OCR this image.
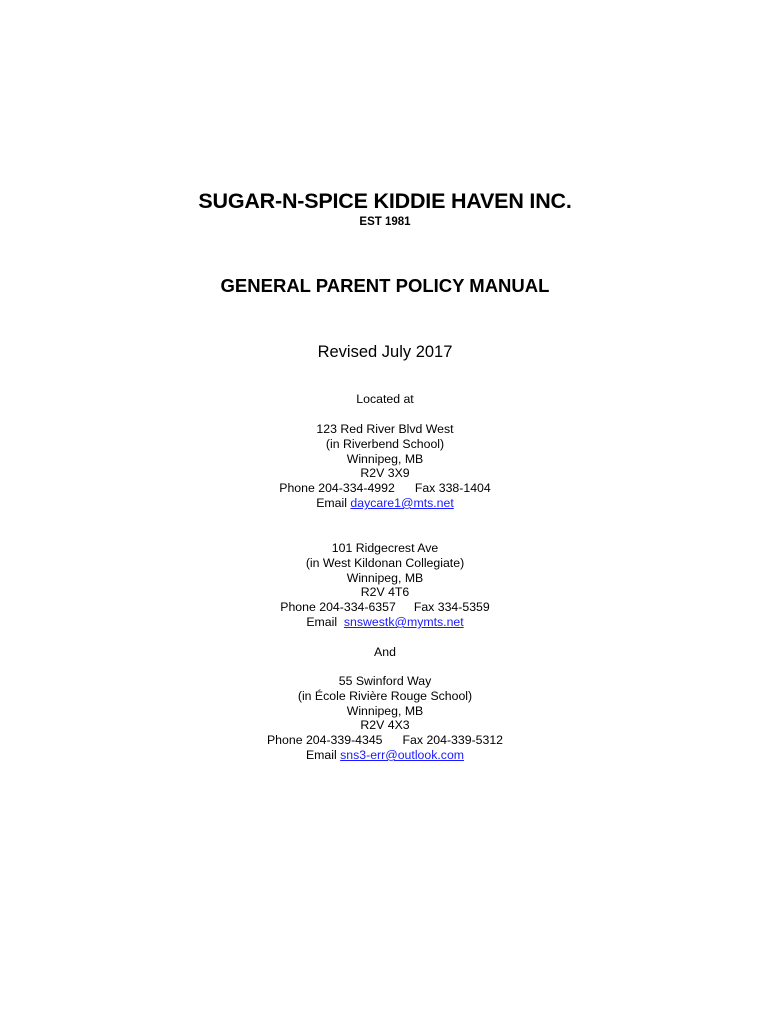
SUGAR-N-SPICE KIDDIE HAVEN INC.
EST 1981
GENERAL PARENT POLICY MANUAL
Revised July 2017
Located at
123 Red River Blvd West
(in Riverbend School)
Winnipeg, MB
R2V 3X9
Phone 204-334-4992 Fax 338-1404
Email daycare1@mts.net
101 Ridgecrest Ave
(in West Kildonan Collegiate)
Winnipeg, MB
R2V 4T6
Phone 204-334-6357 Fax 334-5359
Email snswestk@mymts.net
And
55 Swinford Way
(in École Rivière Rouge School)
Winnipeg, MB
R2V 4X3
Phone 204-339-4345 Fax 204-339-5312
Email sns3-err@outlook.com
